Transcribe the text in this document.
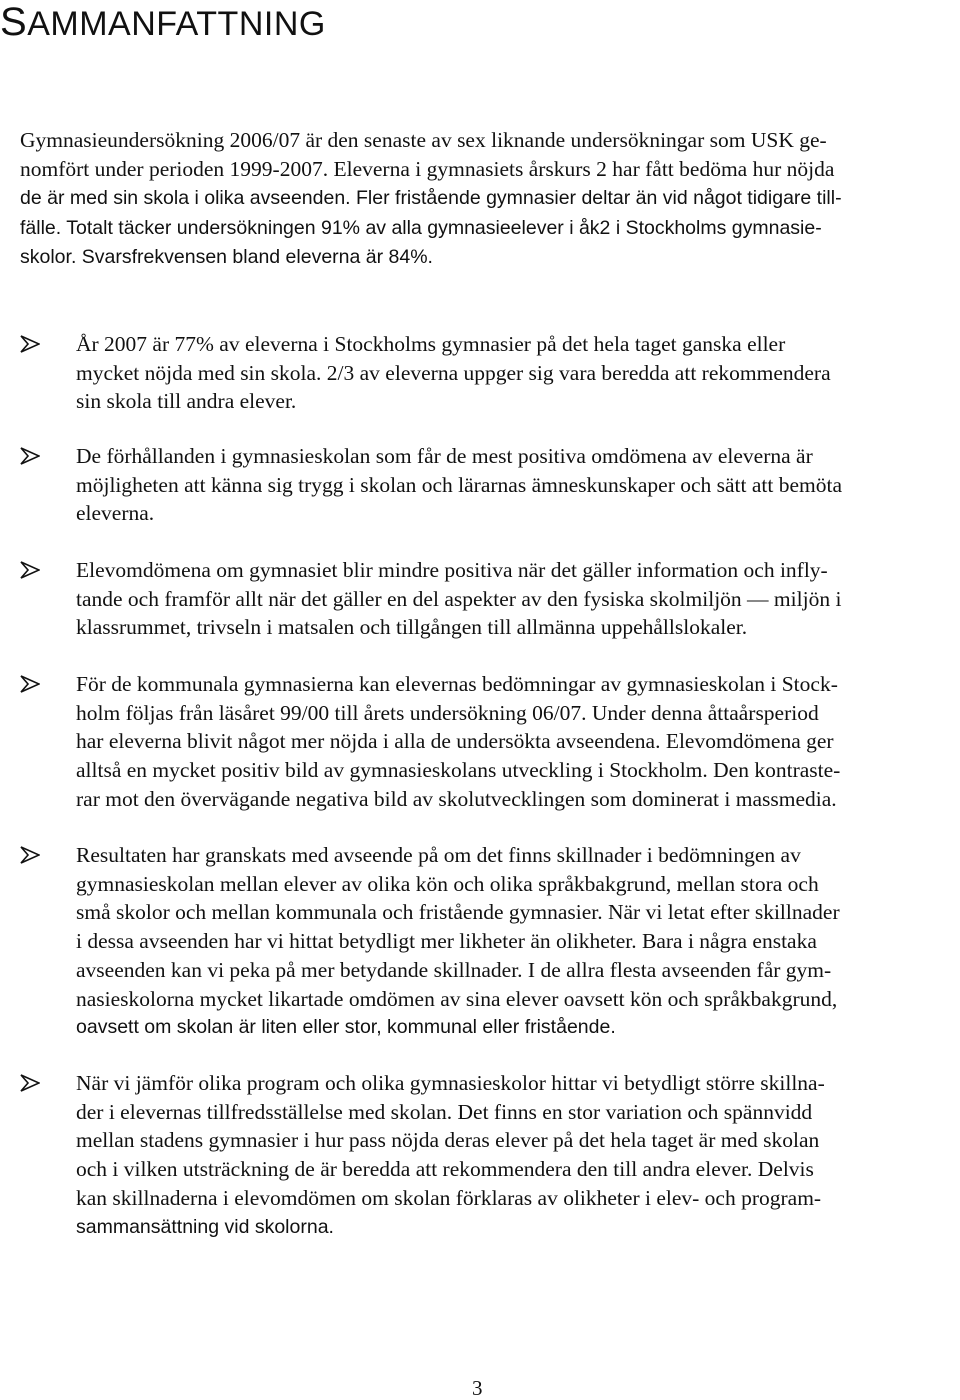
SAMMANFATTNING

Gymnasieundersökning 2006/07 är den senaste av sex liknande undersökningar som USK ge-
nomfört under perioden 1999-2007. Eleverna i gymnasiets årskurs 2 har fått bedöma hur nöjda
de är med sin skola i olika avseenden. Fler fristående gymnasier deltar än vid något tidigare till-
fälle. Totalt täcker undersökningen 91% av alla gymnasieelever i åk2 i Stockholms gymnasie-
skolor. Svarsfrekvensen bland eleverna är 84%.

År 2007 är 77% av eleverna i Stockholms gymnasier på det hela taget ganska eller
mycket nöjda med sin skola. 2/3 av eleverna uppger sig vara beredda att rekommendera
sin skola till andra elever.

De förhållanden i gymnasieskolan som får de mest positiva omdömena av eleverna är
möjligheten att känna sig trygg i skolan och lärarnas ämneskunskaper och sätt att bemöta
eleverna.

Elevomdömena om gymnasiet blir mindre positiva när det gäller information och infly-
tande och framför allt när det gäller en del aspekter av den fysiska skolmiljön — miljön i
klassrummet, trivseln i matsalen och tillgången till allmänna uppehållslokaler.

För de kommunala gymnasierna kan elevernas bedömningar av gymnasieskolan i Stock-
holm följas från läsåret 99/00 till årets undersökning 06/07. Under denna åttaårsperiod
har eleverna blivit något mer nöjda i alla de undersökta avseendena. Elevomdömena ger
alltså en mycket positiv bild av gymnasieskolans utveckling i Stockholm. Den kontraste-
rar mot den övervägande negativa bild av skolutvecklingen som dominerat i massmedia.

Resultaten har granskats med avseende på om det finns skillnader i bedömningen av
gymnasieskolan mellan elever av olika kön och olika språkbakgrund, mellan stora och
små skolor och mellan kommunala och fristående gymnasier. När vi letat efter skillnader
i dessa avseenden har vi hittat betydligt mer likheter än olikheter. Bara i några enstaka
avseenden kan vi peka på mer betydande skillnader. I de allra flesta avseenden får gym-
nasieskolorna mycket likartade omdömen av sina elever oavsett kön och språkbakgrund,
oavsett om skolan är liten eller stor, kommunal eller fristående.

När vi jämför olika program och olika gymnasieskolor hittar vi betydligt större skillna-
der i elevernas tillfredsställelse med skolan. Det finns en stor variation och spännvidd
mellan stadens gymnasier i hur pass nöjda deras elever på det hela taget är med skolan
och i vilken utsträckning de är beredda att rekommendera den till andra elever. Delvis
kan skillnaderna i elevomdömen om skolan förklaras av olikheter i elev- och program-
sammansättning vid skolorna.

3
